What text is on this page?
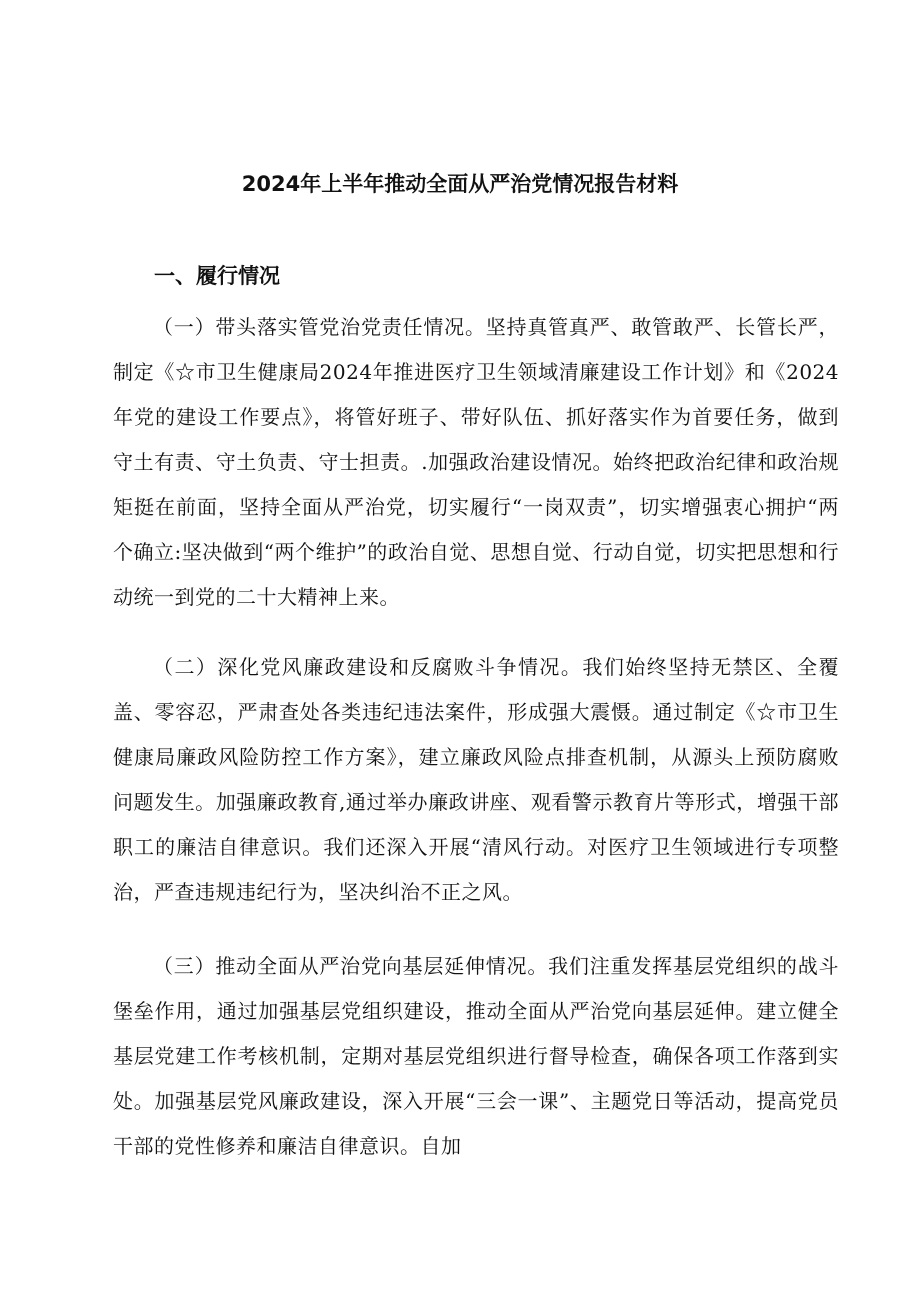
2024年上半年推动全面从严治党情况报告材料
一、履行情况

（一）带头落实管党治党责任情况。坚持真管真严、敢管敢严、长管长严，制定《☆市卫生健康局2024年推进医疗卫生领域清廉建设工作计划》和《2024年党的建设工作要点》，将管好班子、带好队伍、抓好落实作为首要任务，做到守土有责、守土负责、守士担责。.加强政治建设情况。始终把政治纪律和政治规矩挺在前面，坚持全面从严治党，切实履行“一岗双责”，切实增强衷心拥护“两个确立:坚决做到“两个维护”的政治自觉、思想自觉、行动自觉，切实把思想和行动统一到党的二十大精神上来。

（二）深化党风廉政建设和反腐败斗争情况。我们始终坚持无禁区、全覆盖、零容忍，严肃查处各类违纪违法案件，形成强大震慑。通过制定《☆市卫生健康局廉政风险防控工作方案》，建立廉政风险点排查机制，从源头上预防腐败问题发生。加强廉政教育,通过举办廉政讲座、观看警示教育片等形式，增强干部职工的廉洁自律意识。我们还深入开展“清风行动。对医疗卫生领域进行专项整治，严查违规违纪行为，坚决纠治不正之风。

（三）推动全面从严治党向基层延伸情况。我们注重发挥基层党组织的战斗堡垒作用，通过加强基层党组织建设，推动全面从严治党向基层延伸。建立健全基层党建工作考核机制，定期对基层党组织进行督导检查，确保各项工作落到实处。加强基层党风廉政建设，深入开展“三会一课”、主题党日等活动，提高党员干部的党性修养和廉洁自律意识。自加
